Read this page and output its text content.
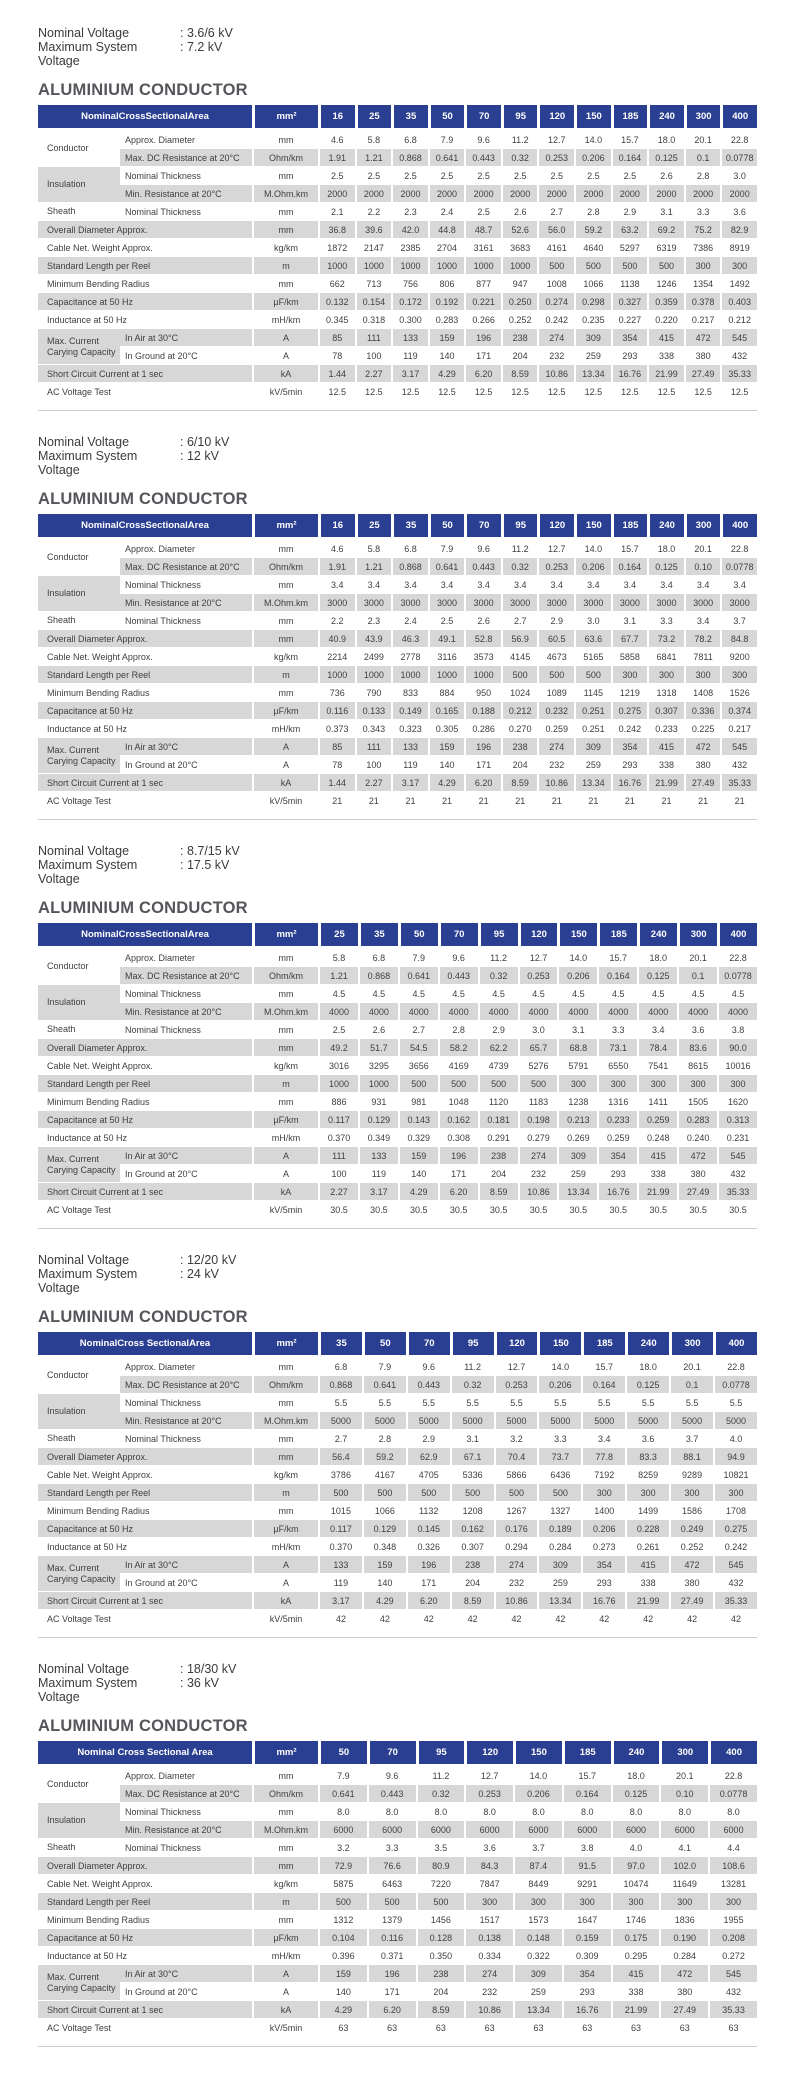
Nominal Voltage	: 3.6/6 kV
Maximum System Voltage
: 7.2 kV
ALUMINIUM CONDUCTOR
NominalCrossSectionalArea		mm²	16	25	35	50	70	95	120	150	185	240	300	400
Conductor	Approx. Diameter	mm	4.6	5.8	6.8	7.9	9.6	11.2	12.7	14.0	15.7	18.0	20.1	22.8
	Max. DC Resistance at 20°C	Ohm/km	1.91	1.21	0.868	0.641	0.443	0.32	0.253	0.206	0.164	0.125	0.1	0.0778
Insulation	Nominal Thickness	mm	2.5	2.5	2.5	2.5	2.5	2.5	2.5	2.5	2.5	2.6	2.8	3.0
	Min. Resistance at 20°C	M.Ohm.km	2000	2000	2000	2000	2000	2000	2000	2000	2000	2000	2000	2000
Sheath	Nominal Thickness	mm	2.1	2.2	2.3	2.4	2.5	2.6	2.7	2.8	2.9	3.1	3.3	3.6
Overall Diameter Approx.		mm	36.8	39.6	42.0	44.8	48.7	52.6	56.0	59.2	63.2	69.2	75.2	82.9
Cable Net. Weight Approx.		kg/km	1872	2147	2385	2704	3161	3683	4161	4640	5297	6319	7386	8919
Standard Length per Reel		m	1000	1000	1000	1000	1000	1000	500	500	500	500	300	300
Minimum Bending Radius		mm	662	713	756	806	877	947	1008	1066	1138	1246	1354	1492
Capacitance at 50 Hz		µF/km	0.132	0.154	0.172	0.192	0.221	0.250	0.274	0.298	0.327	0.359	0.378	0.403
Inductance at 50 Hz		mH/km	0.345	0.318	0.300	0.283	0.266	0.252	0.242	0.235	0.227	0.220	0.217	0.212
Max. Current Carying Capacity	In Air at 30°C	A	85	111	133	159	196	238	274	309	354	415	472	545
	In Ground at 20°C	A	78	100	119	140	171	204	232	259	293	338	380	432
Short Circuit Current at 1 sec		kA	1.44	2.27	3.17	4.29	6.20	8.59	10.86	13.34	16.76	21.99	27.49	35.33
AC Voltage Test		kV/5min	12.5	12.5	12.5	12.5	12.5	12.5	12.5	12.5	12.5	12.5	12.5	12.5
Nominal Voltage	: 6/10 kV
Maximum System Voltage
: 12 kV
ALUMINIUM CONDUCTOR
NominalCrossSectionalArea		mm²	16	25	35	50	70	95	120	150	185	240	300	400
Conductor	Approx. Diameter	mm	4.6	5.8	6.8	7.9	9.6	11.2	12.7	14.0	15.7	18.0	20.1	22.8
	Max. DC Resistance at 20°C	Ohm/km	1.91	1.21	0.868	0.641	0.443	0.32	0.253	0.206	0.164	0.125	0.10	0.0778
Insulation	Nominal Thickness	mm	3.4	3.4	3.4	3.4	3.4	3.4	3.4	3.4	3.4	3.4	3.4	3.4
	Min. Resistance at 20°C	M.Ohm.km	3000	3000	3000	3000	3000	3000	3000	3000	3000	3000	3000	3000
Sheath	Nominal Thickness	mm	2.2	2.3	2.4	2.5	2.6	2.7	2.9	3.0	3.1	3.3	3.4	3.7
Overall Diameter Approx.		mm	40.9	43.9	46.3	49.1	52.8	56.9	60.5	63.6	67.7	73.2	78.2	84.8
Cable Net. Weight Approx.		kg/km	2214	2499	2778	3116	3573	4145	4673	5165	5858	6841	7811	9200
Standard Length per Reel		m	1000	1000	1000	1000	1000	500	500	500	300	300	300	300
Minimum Bending Radius		mm	736	790	833	884	950	1024	1089	1145	1219	1318	1408	1526
Capacitance at 50 Hz		µF/km	0.116	0.133	0.149	0.165	0.188	0.212	0.232	0.251	0.275	0.307	0.336	0.374
Inductance at 50 Hz		mH/km	0.373	0.343	0.323	0.305	0.286	0.270	0.259	0.251	0.242	0.233	0.225	0.217
Max. Current Carying Capacity	In Air at 30°C	A	85	111	133	159	196	238	274	309	354	415	472	545
	In Ground at 20°C	A	78	100	119	140	171	204	232	259	293	338	380	432
Short Circuit Current at 1 sec		kA	1.44	2.27	3.17	4.29	6.20	8.59	10.86	13.34	16.76	21.99	27.49	35.33
AC Voltage Test		kV/5min	21	21	21	21	21	21	21	21	21	21	21	21
Nominal Voltage	: 8.7/15 kV
Maximum System Voltage
: 17.5 kV
ALUMINIUM CONDUCTOR
NominalCrossSectionalArea		mm²	25	35	50	70	95	120	150	185	240	300	400
Conductor	Approx. Diameter	mm	5.8	6.8	7.9	9.6	11.2	12.7	14.0	15.7	18.0	20.1	22.8
	Max. DC Resistance at 20°C	Ohm/km	1.21	0.868	0.641	0.443	0.32	0.253	0.206	0.164	0.125	0.1	0.0778
Insulation	Nominal Thickness	mm	4.5	4.5	4.5	4.5	4.5	4.5	4.5	4.5	4.5	4.5	4.5
	Min. Resistance at 20°C	M.Ohm.km	4000	4000	4000	4000	4000	4000	4000	4000	4000	4000	4000
Sheath	Nominal Thickness	mm	2.5	2.6	2.7	2.8	2.9	3.0	3.1	3.3	3.4	3.6	3.8
Overall Diameter Approx.		mm	49.2	51.7	54.5	58.2	62.2	65.7	68.8	73.1	78.4	83.6	90.0
Cable Net. Weight Approx.		kg/km	3016	3295	3656	4169	4739	5276	5791	6550	7541	8615	10016
Standard Length per Reel		m	1000	1000	500	500	500	500	300	300	300	300	300
Minimum Bending Radius		mm	886	931	981	1048	1120	1183	1238	1316	1411	1505	1620
Capacitance at 50 Hz		µF/km	0.117	0.129	0.143	0.162	0.181	0.198	0.213	0.233	0.259	0.283	0.313
Inductance at 50 Hz		mH/km	0.370	0.349	0.329	0.308	0.291	0.279	0.269	0.259	0.248	0.240	0.231
Max. Current Carying Capacity	In Air at 30°C	A	111	133	159	196	238	274	309	354	415	472	545
	In Ground at 20°C	A	100	119	140	171	204	232	259	293	338	380	432
Short Circuit Current at 1 sec		kA	2.27	3.17	4.29	6.20	8.59	10.86	13.34	16.76	21.99	27.49	35.33
AC Voltage Test		kV/5min	30.5	30.5	30.5	30.5	30.5	30.5	30.5	30.5	30.5	30.5	30.5
Nominal Voltage	: 12/20 kV
Maximum System Voltage
: 24 kV
ALUMINIUM CONDUCTOR
NominalCross SectionalArea		mm²	35	50	70	95	120	150	185	240	300	400
Conductor	Approx. Diameter	mm	6.8	7.9	9.6	11.2	12.7	14.0	15.7	18.0	20.1	22.8
	Max. DC Resistance at 20°C	Ohm/km	0.868	0.641	0.443	0.32	0.253	0.206	0.164	0.125	0.1	0.0778
Insulation	Nominal Thickness	mm	5.5	5.5	5.5	5.5	5.5	5.5	5.5	5.5	5.5	5.5
	Min. Resistance at 20°C	M.Ohm.km	5000	5000	5000	5000	5000	5000	5000	5000	5000	5000
Sheath	Nominal Thickness	mm	2.7	2.8	2.9	3.1	3.2	3.3	3.4	3.6	3.7	4.0
Overall Diameter Approx.		mm	56.4	59.2	62.9	67.1	70.4	73.7	77.8	83.3	88.1	94.9
Cable Net. Weight Approx.		kg/km	3786	4167	4705	5336	5866	6436	7192	8259	9289	10821
Standard Length per Reel		m	500	500	500	500	500	500	300	300	300	300
Minimum Bending Radius		mm	1015	1066	1132	1208	1267	1327	1400	1499	1586	1708
Capacitance at 50 Hz		µF/km	0.117	0.129	0.145	0.162	0.176	0.189	0.206	0.228	0.249	0.275
Inductance at 50 Hz		mH/km	0.370	0.348	0.326	0.307	0.294	0.284	0.273	0.261	0.252	0.242
Max. Current Carying Capacity	In Air at 30°C	A	133	159	196	238	274	309	354	415	472	545
	In Ground at 20°C	A	119	140	171	204	232	259	293	338	380	432
Short Circuit Current at 1 sec		kA	3.17	4.29	6.20	8.59	10.86	13.34	16.76	21.99	27.49	35.33
AC Voltage Test		kV/5min	42	42	42	42	42	42	42	42	42	42
Nominal Voltage	: 18/30 kV
Maximum System Voltage
: 36 kV
ALUMINIUM CONDUCTOR
Nominal Cross Sectional Area		mm²	50	70	95	120	150	185	240	300	400
Conductor	Approx. Diameter	mm	7.9	9.6	11.2	12.7	14.0	15.7	18.0	20.1	22.8
	Max. DC Resistance at 20°C	Ohm/km	0.641	0.443	0.32	0.253	0.206	0.164	0.125	0.10	0.0778
Insulation	Nominal Thickness	mm	8.0	8.0	8.0	8.0	8.0	8.0	8.0	8.0	8.0
	Min. Resistance at 20°C	M.Ohm.km	6000	6000	6000	6000	6000	6000	6000	6000	6000
Sheath	Nominal Thickness	mm	3.2	3.3	3.5	3.6	3.7	3.8	4.0	4.1	4.4
Overall Diameter Approx.		mm	72.9	76.6	80.9	84.3	87.4	91.5	97.0	102.0	108.6
Cable Net. Weight Approx.		kg/km	5875	6463	7220	7847	8449	9291	10474	11649	13281
Standard Length per Reel		m	500	500	500	300	300	300	300	300	300
Minimum Bending Radius		mm	1312	1379	1456	1517	1573	1647	1746	1836	1955
Capacitance at 50 Hz		µF/km	0.104	0.116	0.128	0.138	0.148	0.159	0.175	0.190	0.208
Inductance at 50 Hz		mH/km	0.396	0.371	0.350	0.334	0.322	0.309	0.295	0.284	0.272
Max. Current Carying Capacity	In Air at 30°C	A	159	196	238	274	309	354	415	472	545
	In Ground at 20°C	A	140	171	204	232	259	293	338	380	432
Short Circuit Current at 1 sec		kA	4.29	6.20	8.59	10.86	13.34	16.76	21.99	27.49	35.33
AC Voltage Test		kV/5min	63	63	63	63	63	63	63	63	63
